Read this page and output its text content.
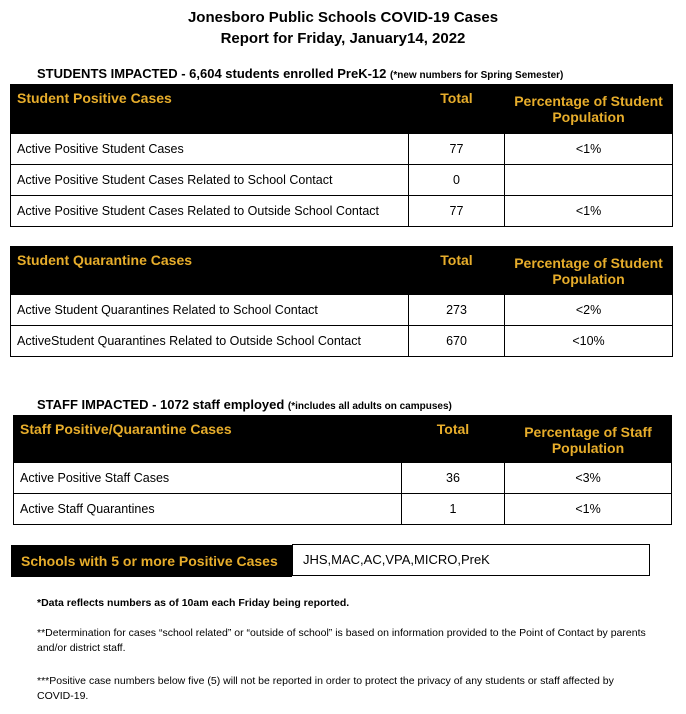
Jonesboro Public Schools COVID-19 Cases
Report for Friday, January14, 2022
STUDENTS IMPACTED - 6,604 students enrolled PreK-12 (*new numbers for Spring Semester)
Student Positive Cases	Total	Percentage of Student Population
Active Positive Student Cases	77	<1%
Active Positive Student Cases Related to School Contact	0	
Active Positive Student Cases Related to Outside School Contact	77	<1%
Student Quarantine Cases	Total	Percentage of Student Population
Active Student Quarantines Related to School Contact	273	<2%
ActiveStudent Quarantines Related to Outside School Contact	670	<10%
STAFF IMPACTED - 1072 staff employed (*includes all adults on campuses)
Staff Positive/Quarantine Cases	Total	Percentage of Staff Population
Active Positive Staff Cases	36	<3%
Active Staff Quarantines	1	<1%
Schools with 5 or more Positive Cases	JHS,MAC,AC,VPA,MICRO,PreK
*Data reflects numbers as of 10am each Friday being reported.
**Determination for cases “school related” or “outside of school” is based on information provided to the Point of Contact by parents and/or district staff.
***Positive case numbers below five (5) will not be reported in order to protect the privacy of any students or staff affected by COVID-19.
